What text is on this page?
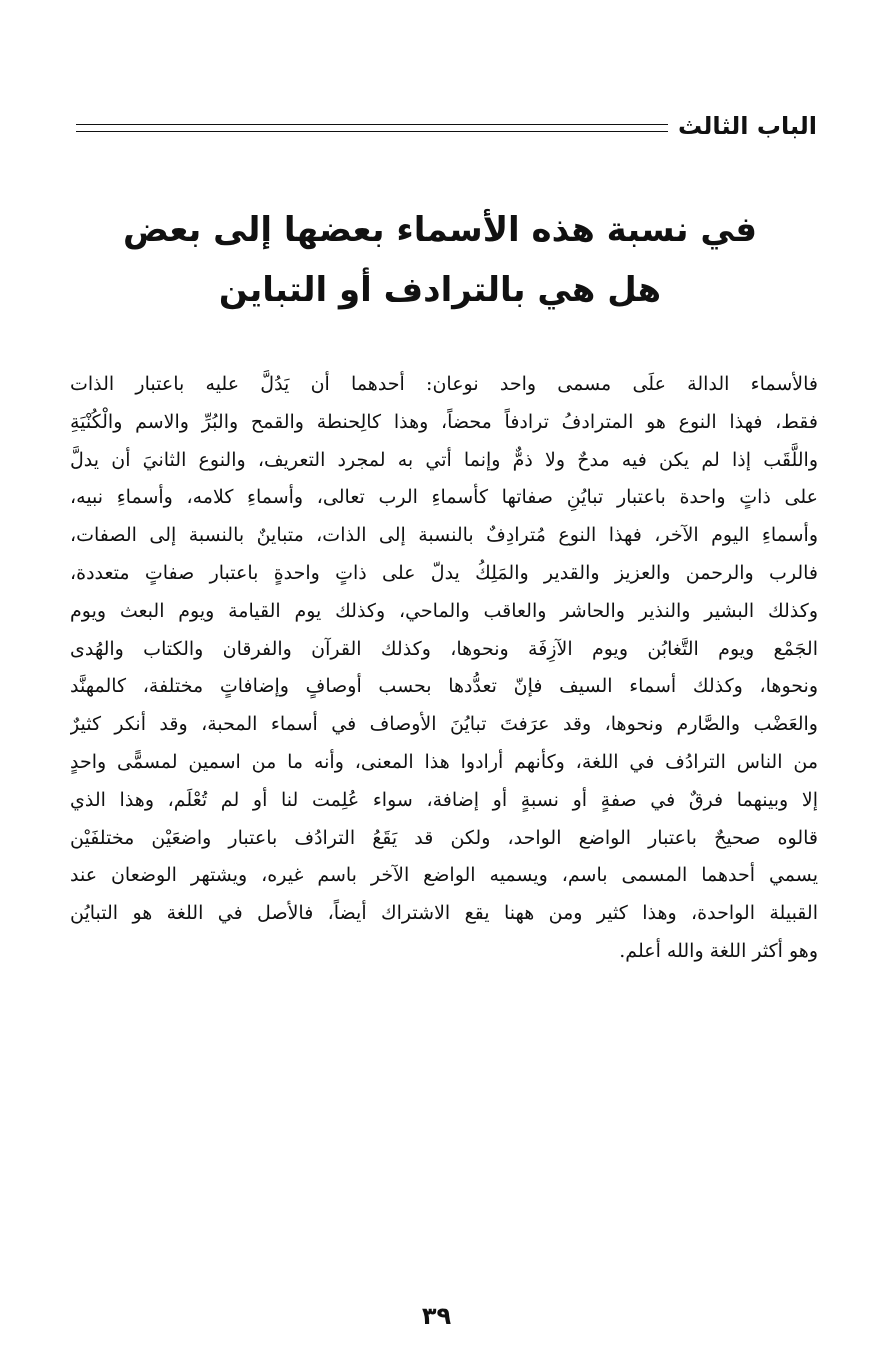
الباب الثالث
في نسبة هذه الأسماء بعضها إلى بعض
هل هي بالترادف أو التباين
فالأسماء الدالة علَى مسمى واحد نوعان: أحدهما أن يَدُلَّ عليه باعتبار الذات
فقط، فهذا النوع هو المترادفُ ترادفاً محضاً، وهذا كالِحنطة والقمح والبُرِّ والاسم والْكُنْيَةِ
واللَّقَب إذا لم يكن فيه مدحٌ ولا ذمٌّ وإنما أتي به لمجرد التعريف، والنوع الثانيَ أن يدلَّ
على ذاتٍ واحدة باعتبار تبايُنِ صفاتها كأسماءِ الرب تعالى، وأسماءِ كلامه، وأسماءِ نبيه،
وأسماءِ اليوم الآخر، فهذا النوع مُترادِفٌ بالنسبة إلى الذات، متباينٌ بالنسبة إلى الصفات،
فالرب والرحمن والعزيز والقدير والمَلِكُ يدلّ على ذاتٍ واحدةٍ باعتبار صفاتٍ متعددة،
وكذلك البشير والنذير والحاشر والعاقب والماحي، وكذلك يوم القيامة ويوم البعث ويوم
الجَمْع ويوم التَّغابُن ويوم الآزِفَة ونحوها، وكذلك القرآن والفرقان والكتاب والهُدى
ونحوها، وكذلك أسماء السيف فإنّ تعدُّدها بحسب أوصافٍ وإضافاتٍ مختلفة، كالمهنَّد
والعَضْب والصَّارم ونحوها، وقد عرَفتَ تبايُنَ الأوصاف في أسماء المحبة، وقد أنكر كثيرٌ
من الناس الترادُف في اللغة، وكأنهم أرادوا هذا المعنى، وأنه ما من اسمين لمسمًّى واحدٍ
إلا وبينهما فرقٌ في صفةٍ أو نسبةٍ أو إضافة، سواء عُلِمت لنا أو لم تُعْلَم، وهذا الذي
قالوه صحيحٌ باعتبار الواضع الواحد، ولكن قد يَقَعُ الترادُف باعتبار واضعَيْن مختلفَيْن
يسمي أحدهما المسمى باسم، ويسميه الواضع الآخر باسم غيره، ويشتهر الوضعان عند
القبيلة الواحدة، وهذا كثير ومن ههنا يقع الاشتراك أيضاً، فالأصل في اللغة هو التبايُن
وهو أكثر اللغة والله أعلم.
٣٩
